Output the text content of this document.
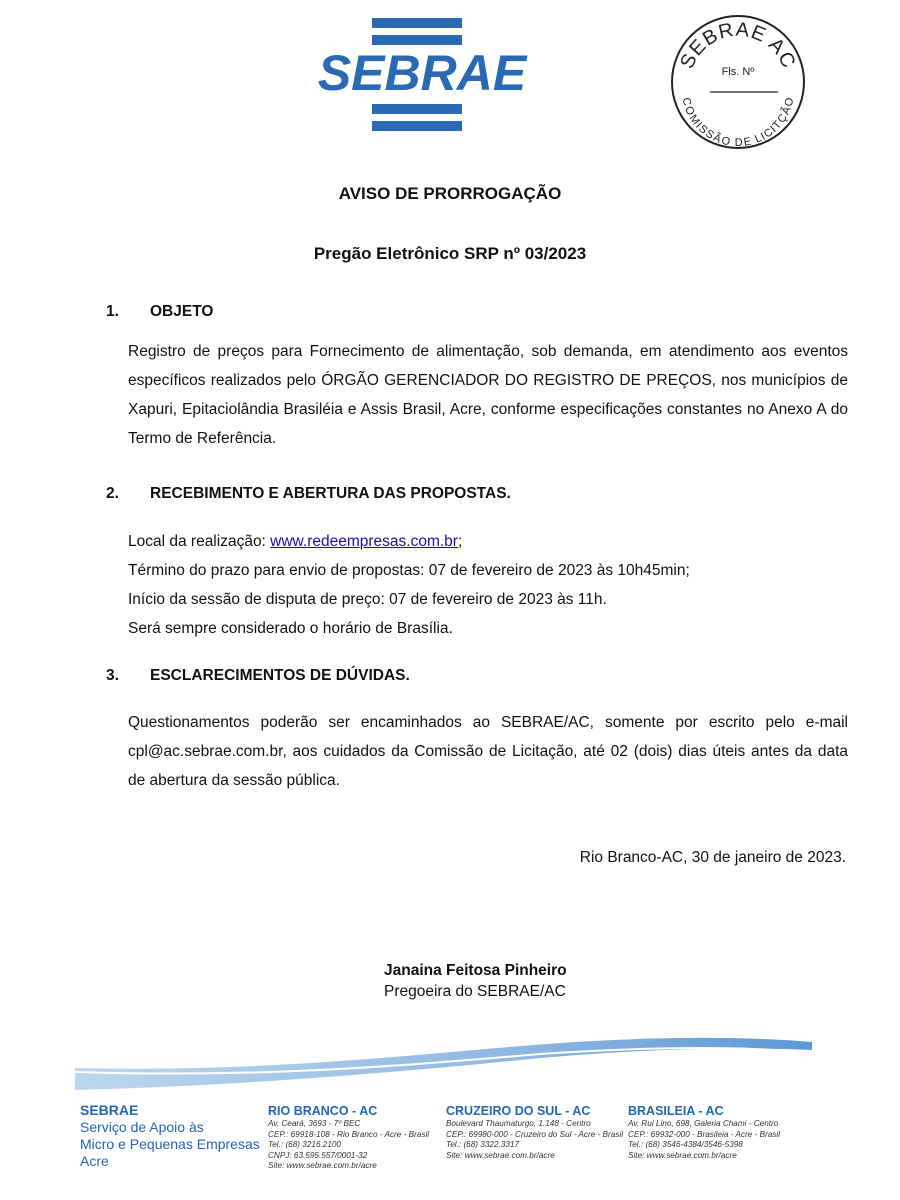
SEBRAE	SEBRAE AC
Fls. Nº
COMISSÃO DE LICITÇÃO
AVISO DE PRORROGAÇÃO
Pregão Eletrônico SRP nº 03/2023
1. OBJETO
Registro de preços para Fornecimento de alimentação, sob demanda, em atendimento aos eventos específicos realizados pelo ÓRGÃO GERENCIADOR DO REGISTRO DE PREÇOS, nos municípios de Xapuri, Epitaciolândia Brasiléia e Assis Brasil, Acre, conforme especificações constantes no Anexo A do Termo de Referência.
2. RECEBIMENTO E ABERTURA DAS PROPOSTAS.
Local da realização: www.redeempresas.com.br;
Término do prazo para envio de propostas: 07 de fevereiro de 2023 às 10h45min;
Início da sessão de disputa de preço: 07 de fevereiro de 2023 às 11h.
Será sempre considerado o horário de Brasília.
3. ESCLARECIMENTOS DE DÚVIDAS.
Questionamentos poderão ser encaminhados ao SEBRAE/AC, somente por escrito pelo e-mail cpl@ac.sebrae.com.br, aos cuidados da Comissão de Licitação, até 02 (dois) dias úteis antes da data de abertura da sessão pública.
Rio Branco-AC, 30 de janeiro de 2023.
Janaina Feitosa Pinheiro
Pregoeira do SEBRAE/AC
SEBRAE
Serviço de Apoio às
Micro e Pequenas Empresas
Acre
RIO BRANCO - AC
Av. Ceará, 3693 - 7º BEC
CEP.: 69918-108 - Rio Branco - Acre - Brasil
Tel.: (68) 3216.2100
CNPJ: 63.595.557/0001-32
Site: www.sebrae.com.br/acre
CRUZEIRO DO SUL - AC
Boulevard Thaumaturgo, 1.148 - Centro
CEP.: 69980-000 - Cruzeiro do Sul - Acre - Brasil
Tel.: (68) 3322.3317
Site: www.sebrae.com.br/acre
BRASILEIA - AC
Av. Rui Lino, 698, Galeria Chami - Centro
CEP.: 69932-000 - Brasileia - Acre - Brasil
Tel.: (68) 3546-4384/3546-5398
Site: www.sebrae.com.br/acre
